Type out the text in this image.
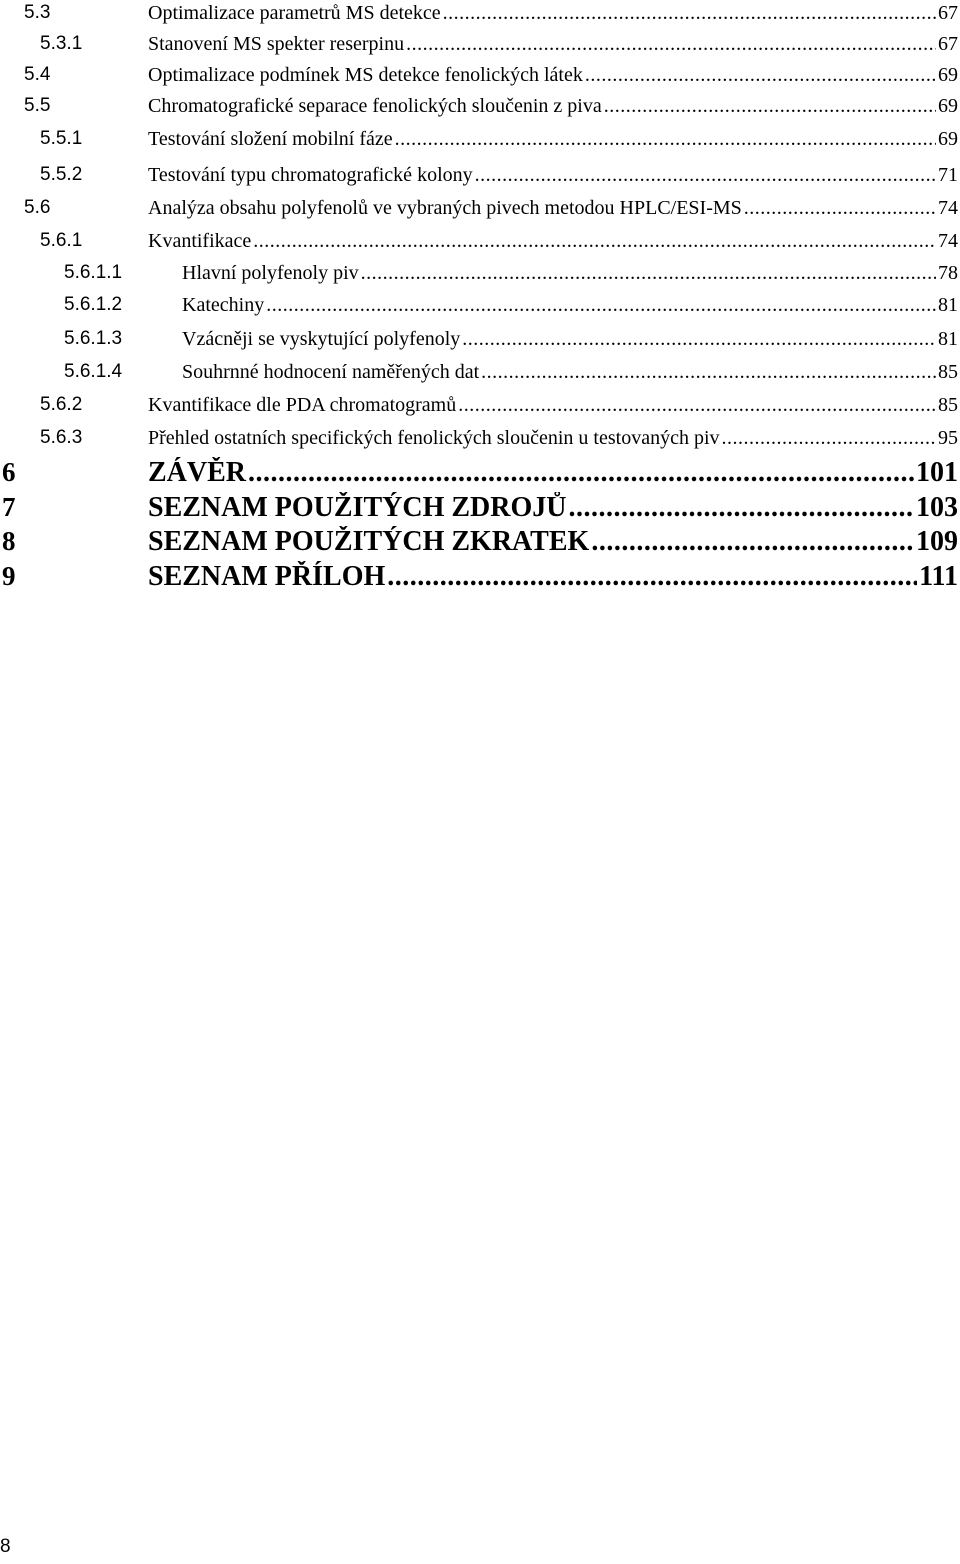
5.3	Optimalizace parametrů MS detekce .....	67
5.3.1	Stanovení MS spekter reserpinu .....	67
5.4	Optimalizace podmínek MS detekce fenolických látek .....	69
5.5	Chromatografické separace fenolických sloučenin z piva .....	69
5.5.1	Testování složení mobilní fáze .....	69
5.5.2	Testování typu chromatografické kolony .....	71
5.6	Analýza obsahu polyfenolů ve vybraných pivech metodou HPLC/ESI-MS .....	74
5.6.1	Kvantifikace .....	74
5.6.1.1	Hlavní polyfenoly piv .....	78
5.6.1.2	Katechiny .....	81
5.6.1.3	Vzácněji se vyskytující polyfenoly .....	81
5.6.1.4	Souhrnné hodnocení naměřených dat .....	85
5.6.2	Kvantifikace dle PDA chromatogramů .....	85
5.6.3	Přehled ostatních specifických fenolických sloučenin u testovaných piv .....	95
6	ZÁVĚR .....	101
7	SEZNAM POUŽITÝCH ZDROJŮ .....	103
8	SEZNAM POUŽITÝCH ZKRATEK .....	109
9	SEZNAM PŘÍLOH .....	111
8
